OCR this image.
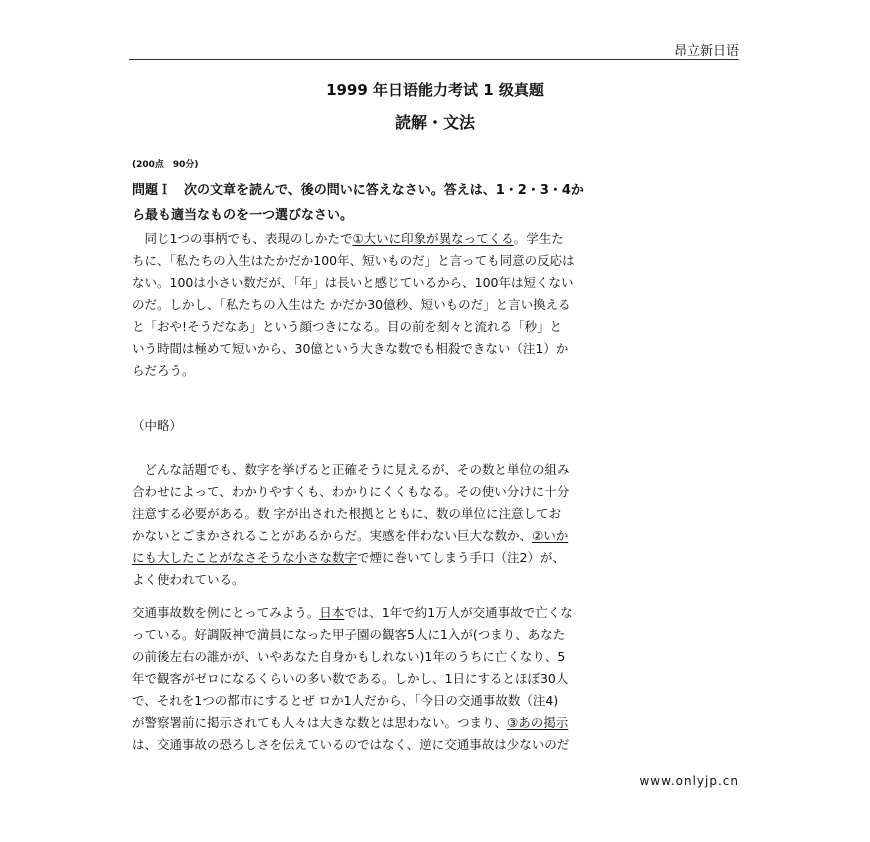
昂立新日语
1999 年日语能力考试 1 级真题
読解・文法
(200点　90分)
問題Ｉ　次の文章を読んで、後の問いに答えなさい。答えは、1・2・3・4か
ら最も適当なものを一つ選びなさい。
　同じ1つの事柄でも、表現のしかたで①大いに印象が異なってくる。学生た
ちに、「私たちの入生はたかだか100年、短いものだ」と言っても同意の反応は
ない。100は小さい数だが、「年」は長いと感じているから、100年は短くない
のだ。しかし、「私たちの入生はた かだか30億秒、短いものだ」と言い換える
と「おや!そうだなあ」という顔つきになる。目の前を刻々と流れる「秒」と
いう時間は極めて短いから、30億という大きな数でも相殺できない（注1）か
らだろう。
（中略）
　どんな話題でも、数字を挙げると正確そうに見えるが、その数と単位の組み
合わせによって、わかりやすくも、わかりにくくもなる。その使い分けに十分
注意する必要がある。数 字が出された根拠とともに、数の単位に注意してお
かないとごまかされることがあるからだ。実感を伴わない巨大な数か、②いか
にも大したことがなさそうな小さな数字で煙に巻いてしまう手口（注2）が、
よく使われている。
交通事故数を例にとってみよう。日本では、1年で約1万人が交通事故で亡くな
っている。好調阪神で満員になった甲子園の観客5人に1入が(つまり、あなた
の前後左右の誰かが、いやあなた自身かもしれない)1年のうちに亡くなり、5
年で観客がゼロになるくらいの多い数である。しかし、1日にするとほぼ30人
で、それを1つの都市にするとぜ ロか1人だから、「今日の交通事故数（注4)
が警察署前に掲示されても人々は大きな数とは思わない。つまり、③あの掲示
は、交通事故の恐ろしさを伝えているのではなく、逆に交通事故は少ないのだ
www.onlyjp.cn
